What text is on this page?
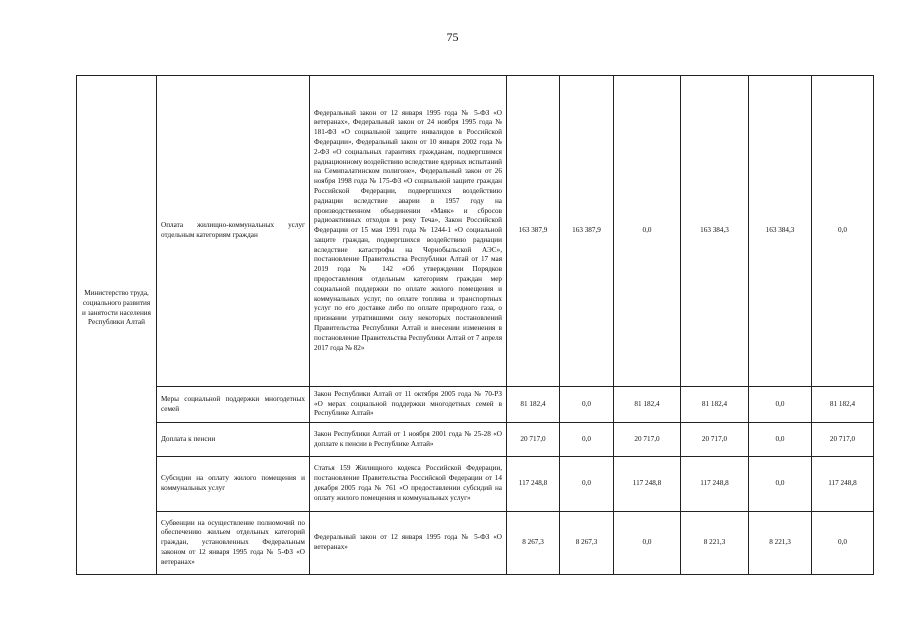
75
Министерство труда, социального развития и занятости населения Республики Алтай	Оплата жилищно-коммунальных услуг отдельным категориям граждан	Федеральный закон от 12 января 1995 года № 5-ФЗ «О ветеранах», Федеральный закон от 24 ноября 1995 года № 181-ФЗ «О социальной защите инвалидов в Российской Федерации», Федеральный закон от 10 января 2002 года № 2-ФЗ «О социальных гарантиях гражданам, подвергшимся радиационному воздействию вследствие ядерных испытаний на Семипалатинском полигоне», Федеральный закон от 26 ноября 1998 года № 175-ФЗ «О социальной защите граждан Российской Федерации, подвергшихся воздействию радиации вследствие аварии в 1957 году на производственном объединении «Маяк» и сбросов радиоактивных отходов в реку Теча», Закон Российской Федерации от 15 мая 1991 года № 1244-1 «О социальной защите граждан, подвергшихся воздействию радиации вследствие катастрофы на Чернобыльской АЭС», постановление Правительства Республики Алтай от 17 мая 2019 года № 142 «Об утверждении Порядков предоставления отдельным категориям граждан мер социальной поддержки по оплате жилого помещения и коммунальных услуг, по оплате топлива и транспортных услуг по его доставке либо по оплате природного газа, о признании утратившими силу некоторых постановлений Правительства Республики Алтай и внесении изменения в постановление Правительства Республики Алтай от 7 апреля 2017 года № 82»	163 387,9	163 387,9	0,0	163 384,3	163 384,3	0,0
	Меры социальной поддержки многодетных семей	Закон Республики Алтай от 11 октября 2005 года № 70-РЗ «О мерах социальной поддержки многодетных семей в Республике Алтай»	81 182,4	0,0	81 182,4	81 182,4	0,0	81 182,4
	Доплата к пенсии	Закон Республики Алтай от 1 ноября 2001 года № 25-28 «О доплате к пенсии в Республике Алтай»	20 717,0	0,0	20 717,0	20 717,0	0,0	20 717,0
	Субсидии на оплату жилого помещения и коммунальных услуг	Статья 159 Жилищного кодекса Российской Федерации, постановление Правительства Российской Федерации от 14 декабря 2005 года № 761 «О предоставлении субсидий на оплату жилого помещения и коммунальных услуг»	117 248,8	0,0	117 248,8	117 248,8	0,0	117 248,8
	Субвенции на осуществление полномочий по обеспечению жильем отдельных категорий граждан, установленных Федеральным законом от 12 января 1995 года № 5-ФЗ «О ветеранах»	Федеральный закон от 12 января 1995 года № 5-ФЗ «О ветеранах»	8 267,3	8 267,3	0,0	8 221,3	8 221,3	0,0
